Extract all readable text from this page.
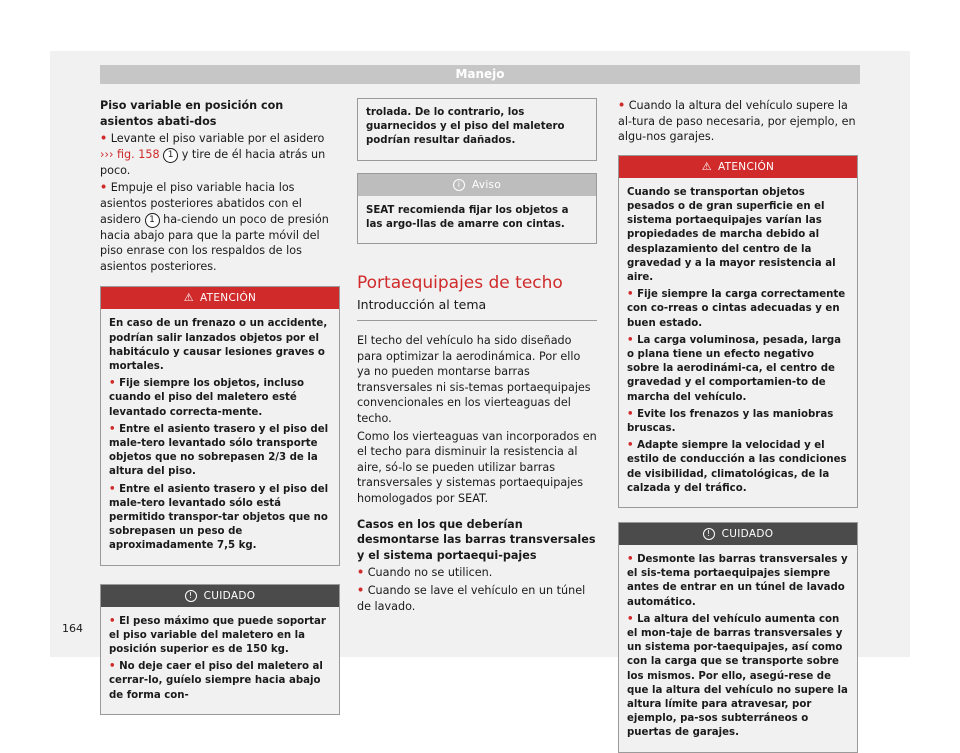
Manejo

Piso variable en posición con asientos abati-dos

• Levante el piso variable por el asidero ››› fig. 158 1 y tire de él hacia atrás un poco.

• Empuje el piso variable hacia los asientos posteriores abatidos con el asidero 1 ha-ciendo un poco de presión hacia abajo para que la parte móvil del piso enrase con los respaldos de los asientos posteriores.

⚠ ATENCIÓN

En caso de un frenazo o un accidente, podrían salir lanzados objetos por el habitáculo y causar lesiones graves o mortales.

• Fije siempre los objetos, incluso cuando el piso del maletero esté levantado correcta-mente.

• Entre el asiento trasero y el piso del male-tero levantado sólo transporte objetos que no sobrepasen 2/3 de la altura del piso.

• Entre el asiento trasero y el piso del male-tero levantado sólo está permitido transpor-tar objetos que no sobrepasen un peso de aproximadamente 7,5 kg.

! CUIDADO

• El peso máximo que puede soportar el piso variable del maletero en la posición superior es de 150 kg.

• No deje caer el piso del maletero al cerrar-lo, guíelo siempre hacia abajo de forma con-

trolada. De lo contrario, los guarnecidos y el piso del maletero podrían resultar dañados.

i Aviso

SEAT recomienda fijar los objetos a las argo-llas de amarre con cintas.

Portaequipajes de techo

Introducción al tema

El techo del vehículo ha sido diseñado para optimizar la aerodinámica. Por ello ya no pueden montarse barras transversales ni sis-temas portaequipajes convencionales en los vierteaguas del techo.

Como los vierteaguas van incorporados en el techo para disminuir la resistencia al aire, só-lo se pueden utilizar barras transversales y sistemas portaequipajes homologados por SEAT.

Casos en los que deberían desmontarse las barras transversales y el sistema portaequi-pajes

• Cuando no se utilicen.

• Cuando se lave el vehículo en un túnel de lavado.

• Cuando la altura del vehículo supere la al-tura de paso necesaria, por ejemplo, en algu-nos garajes.

⚠ ATENCIÓN

Cuando se transportan objetos pesados o de gran superficie en el sistema portaequipajes varían las propiedades de marcha debido al desplazamiento del centro de la gravedad y a la mayor resistencia al aire.

• Fije siempre la carga correctamente con co-rreas o cintas adecuadas y en buen estado.

• La carga voluminosa, pesada, larga o plana tiene un efecto negativo sobre la aerodinámi-ca, el centro de gravedad y el comportamien-to de marcha del vehículo.

• Evite los frenazos y las maniobras bruscas.

• Adapte siempre la velocidad y el estilo de conducción a las condiciones de visibilidad, climatológicas, de la calzada y del tráfico.

! CUIDADO

• Desmonte las barras transversales y el sis-tema portaequipajes siempre antes de entrar en un túnel de lavado automático.

• La altura del vehículo aumenta con el mon-taje de barras transversales y un sistema por-taequipajes, así como con la carga que se transporte sobre los mismos. Por ello, asegú-rese de que la altura del vehículo no supere la altura límite para atravesar, por ejemplo, pa-sos subterráneos o puertas de garajes.

164
